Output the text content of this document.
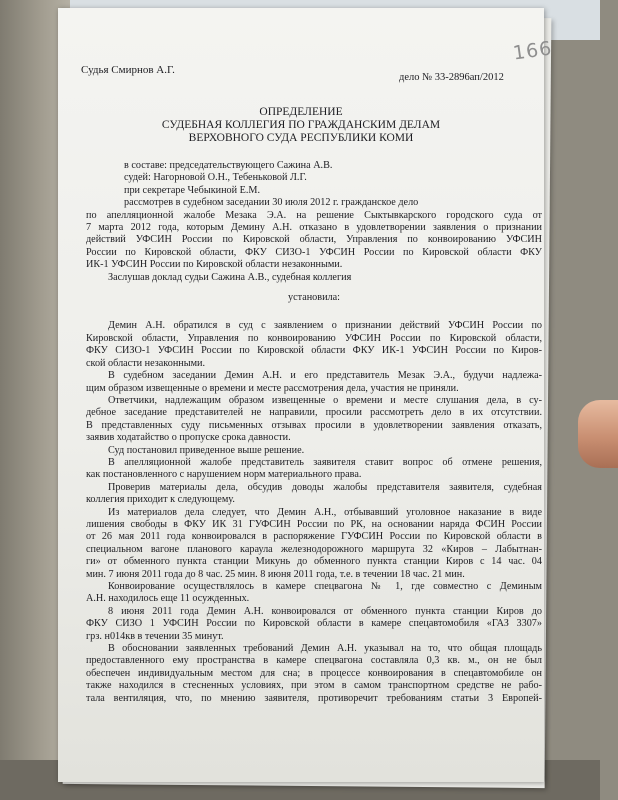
166
Судья Смирнов А.Г.
дело № 33-2896ап/2012
ОПРЕДЕЛЕНИЕ
СУДЕБНАЯ КОЛЛЕГИЯ ПО ГРАЖДАНСКИМ ДЕЛАМ
ВЕРХОВНОГО СУДА РЕСПУБЛИКИ КОМИ
в составе: председательствующего Сажина А.В.
судей: Нагорновой О.Н., Тебеньковой Л.Г.
при секретаре Чебыкиной Е.М.
рассмотрев в судебном заседании 30 июля 2012 г. гражданское дело
по апелляционной жалобе Мезака Э.А. на решение Сыктывкарского городского суда от
7 марта 2012 года, которым Демину А.Н. отказано в удовлетворении заявления о признании
действий УФСИН России по Кировской области, Управления по конвоированию УФСИН
России по Кировской области, ФКУ СИЗО-1 УФСИН России по Кировской области ФКУ
ИК-1 УФСИН России по Кировской области незаконными.
Заслушав доклад судьи Сажина А.В., судебная коллегия
установила:
Демин А.Н. обратился в суд с заявлением о признании действий УФСИН России по
Кировской области, Управления по конвоированию УФСИН России по Кировской области,
ФКУ СИЗО-1 УФСИН России по Кировской области ФКУ ИК-1 УФСИН России по Киров-
ской области незаконными.
В судебном заседании Демин А.Н. и его представитель Мезак Э.А., будучи надлежа-
щим образом извещенные о времени и месте рассмотрения дела, участия не приняли.
Ответчики, надлежащим образом извещенные о времени и месте слушания дела, в су-
дебное заседание представителей не направили, просили рассмотреть дело в их отсутствии.
В представленных суду письменных отзывах просили в удовлетворении заявления отказать,
заявив ходатайство о пропуске срока давности.
Суд постановил приведенное выше решение.
В апелляционной жалобе представитель заявителя ставит вопрос об отмене решения,
как постановленного с нарушением норм материального права.
Проверив материалы дела, обсудив доводы жалобы представителя заявителя, судебная
коллегия приходит к следующему.
Из материалов дела следует, что Демин А.Н., отбывавший уголовное наказание в виде
лишения свободы в ФКУ ИК 31 ГУФСИН России по РК, на основании наряда ФСИН России
от 26 мая 2011 года конвоировался в распоряжение ГУФСИН России по Кировской области в
специальном вагоне планового караула железнодорожного маршрута 32 «Киров – Лабытнан-
ги» от обменного пункта станции Микунь до обменного пункта станции Киров с 14 час. 04
мин. 7 июня 2011 года до 8 час. 25 мин. 8 июня 2011 года, т.е. в течении 18 час. 21 мин.
Конвоирование осуществлялось в камере спецвагона № 1, где совместно с Деминым
А.Н. находилось еще 11 осужденных.
8 июня 2011 года Демин А.Н. конвоировался от обменного пункта станции Киров до
ФКУ СИЗО 1 УФСИН России по Кировской области в камере спецавтомобиля «ГАЗ 3307»
грз. н014кв в течении 35 минут.
В обосновании заявленных требований Демин А.Н. указывал на то, что общая площадь
предоставленного ему пространства в камере спецвагона составляла 0,3 кв. м., он не был
обеспечен индивидуальным местом для сна; в процессе конвоирования в спецавтомобиле он
также находился в стесненных условиях, при этом в самом транспортном средстве не рабо-
тала вентиляция, что, по мнению заявителя, противоречит требованиям статьи 3 Европей-
